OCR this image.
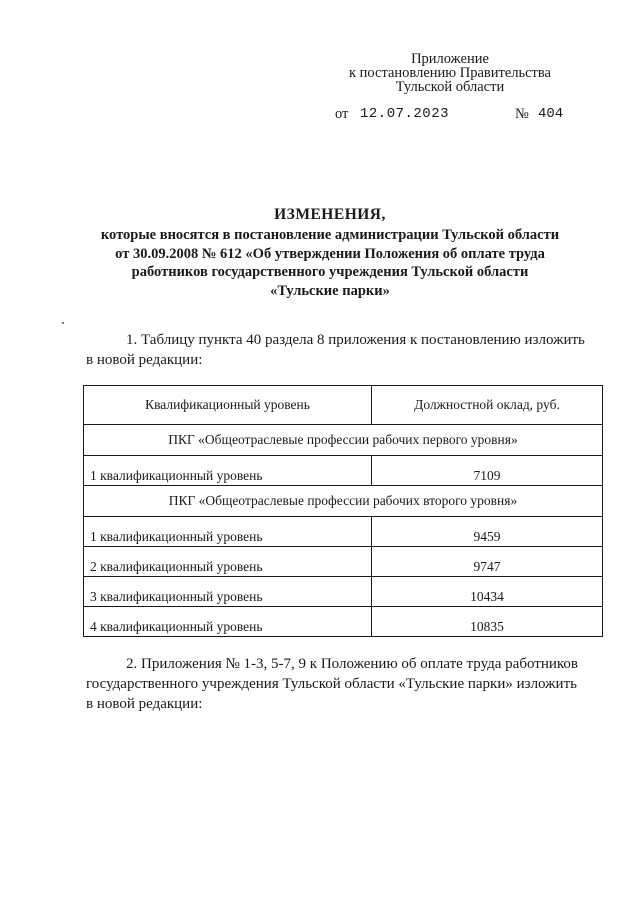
Приложение
к постановлению Правительства
Тульской области
от 12.07.2023	№ 404
ИЗМЕНЕНИЯ,
которые вносятся в постановление администрации Тульской области
от 30.09.2008 № 612 «Об утверждении Положения об оплате труда
работников государственного учреждения Тульской области
«Тульские парки»
1. Таблицу пункта 40 раздела 8 приложения к постановлению изложить
в новой редакции:
Квалификационный уровень	Должностной оклад, руб.
ПКГ «Общеотраслевые профессии рабочих первого уровня»	
1 квалификационный уровень	7109
ПКГ «Общеотраслевые профессии рабочих второго уровня»	
1 квалификационный уровень	9459
2 квалификационный уровень	9747
3 квалификационный уровень	10434
4 квалификационный уровень	10835
2. Приложения № 1-3, 5-7, 9 к Положению об оплате труда работников
государственного учреждения Тульской области «Тульские парки» изложить
в новой редакции:
